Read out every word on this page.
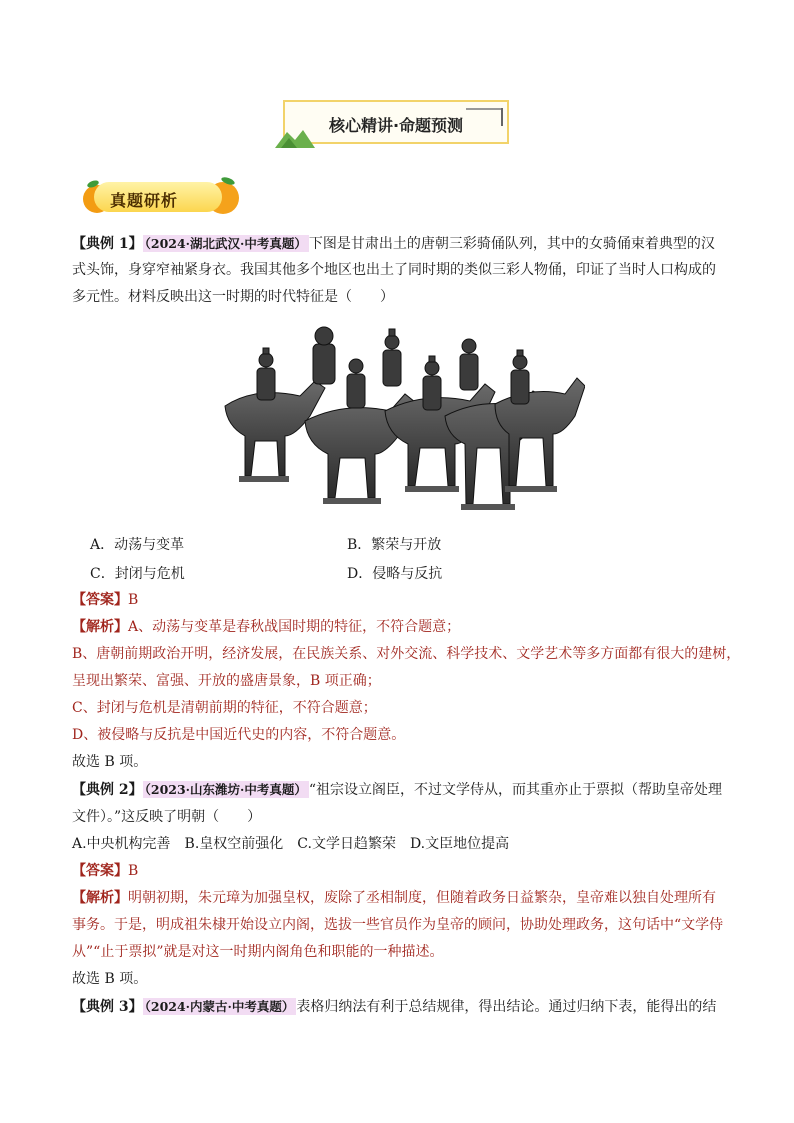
核心精讲·命题预测
真题研析
【典例 1】 （2024·湖北武汉·中考真题） 下图是甘肃出土的唐朝三彩骑俑队列，其中的女骑俑束着典型的汉
式头饰，身穿窄袖紧身衣。我国其他多个地区也出土了同时期的类似三彩人物俑，印证了当时人口构成的
多元性。材料反映出这一时期的时代特征是（　　）
A．动荡与变革	B．繁荣与开放
C．封闭与危机	D．侵略与反抗
【答案】B
【解析】A、动荡与变革是春秋战国时期的特征，不符合题意；
B、唐朝前期政治开明，经济发展，在民族关系、对外交流、科学技术、文学艺术等多方面都有很大的建树，
呈现出繁荣、富强、开放的盛唐景象，B 项正确；
C、封闭与危机是清朝前期的特征，不符合题意；
D、被侵略与反抗是中国近代史的内容，不符合题意。
故选 B 项。
【典例 2】 （2023·山东潍坊·中考真题） “祖宗设立阁臣，不过文学侍从，而其重亦止于票拟（帮助皇帝处理
文件）。”这反映了明朝（　　）
A.中央机构完善　B.皇权空前强化　C.文学日趋繁荣　D.文臣地位提高
【答案】B
【解析】明朝初期，朱元璋为加强皇权，废除了丞相制度，但随着政务日益繁杂，皇帝难以独自处理所有
事务。于是，明成祖朱棣开始设立内阁，选拔一些官员作为皇帝的顾问，协助处理政务，这句话中“文学侍
从”“止于票拟”就是对这一时期内阁角色和职能的一种描述。
故选 B 项。
【典例 3】 （2024·内蒙古·中考真题） 表格归纳法有利于总结规律，得出结论。通过归纳下表，能得出的结
